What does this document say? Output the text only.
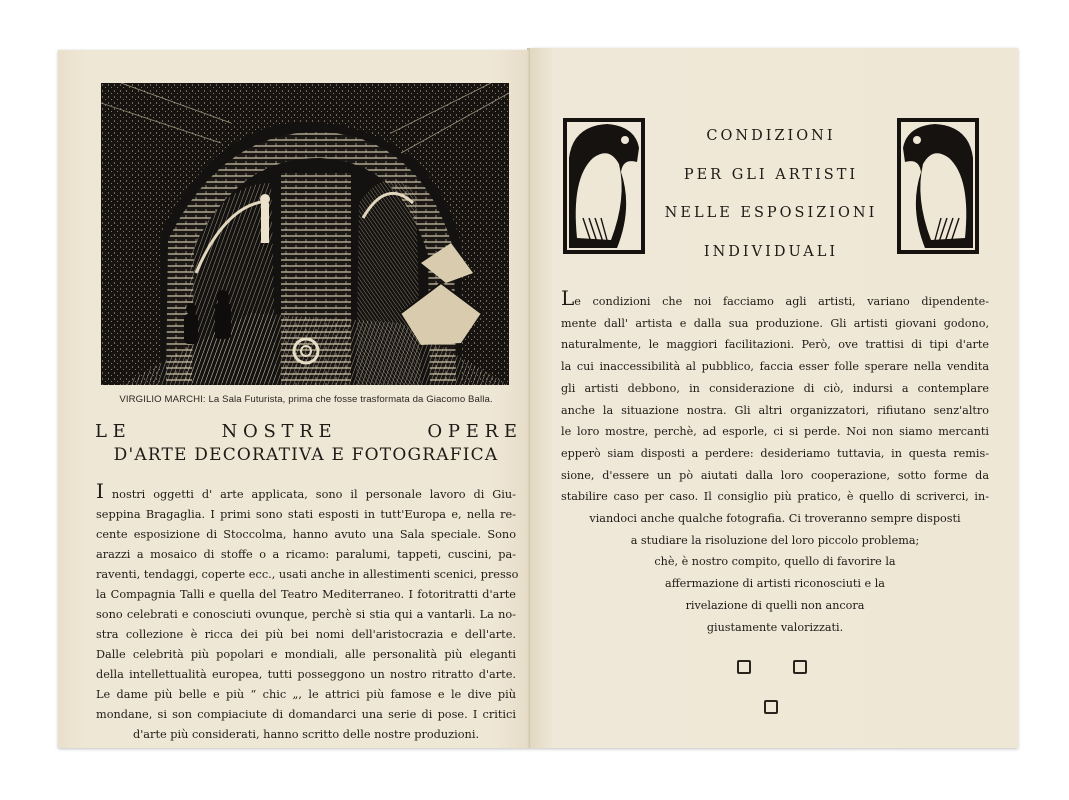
VIRGILIO MARCHI: La Sala Futurista, prima che fosse trasformata da Giacomo Balla.
L E	N O S T R E	O P E R E
D'ARTE DECORATIVA E FOTOGRAFICA
I nostri oggetti d' arte applicata, sono il personale lavoro di Giu-
seppina Bragaglia. I primi sono stati esposti in tutt'Europa e, nella re-
cente esposizione di Stoccolma, hanno avuto una Sala speciale. Sono
arazzi a mosaico di stoffe o a ricamo: paralumi, tappeti, cuscini, pa-
raventi, tendaggi, coperte ecc., usati anche in allestimenti scenici, presso
la Compagnia Talli e quella del Teatro Mediterraneo. I fotoritratti d'arte
sono celebrati e conosciuti ovunque, perchè si stia qui a vantarli. La no-
stra collezione è ricca dei più bei nomi dell'aristocrazia e dell'arte.
Dalle celebrità più popolari e mondiali, alle personalità più eleganti
della intellettualità europea, tutti posseggono un nostro ritratto d'arte.
Le dame più belle e più “ chic „, le attrici più famose e le dive più
mondane, si son compiaciute di domandarci una serie di pose. I critici
d'arte più considerati, hanno scritto delle nostre produzioni.
CONDIZIONI
PER GLI ARTISTI
NELLE ESPOSIZIONI
INDIVIDUALI
Le condizioni che noi facciamo agli artisti, variano dipendente-
mente dall' artista e dalla sua produzione. Gli artisti giovani godono,
naturalmente, le maggiori facilitazioni. Però, ove trattisi di tipi d'arte
la cui inaccessibilità al pubblico, faccia esser folle sperare nella vendita
gli artisti debbono, in considerazione di ciò, indursi a contemplare
anche la situazione nostra. Gli altri organizzatori, rifiutano senz'altro
le loro mostre, perchè, ad esporle, ci si perde. Noi non siamo mercanti
epperò siam disposti a perdere: desideriamo tuttavia, in questa remis-
sione, d'essere un pò aiutati dalla loro cooperazione, sotto forme da
stabilire caso per caso. Il consiglio più pratico, è quello di scriverci, in-
viandoci anche qualche fotografia. Ci troveranno sempre disposti
a studiare la risoluzione del loro piccolo problema;
chè, è nostro compito, quello di favorire la
affermazione di artisti riconosciuti e la
rivelazione di quelli non ancora
giustamente valorizzati.
